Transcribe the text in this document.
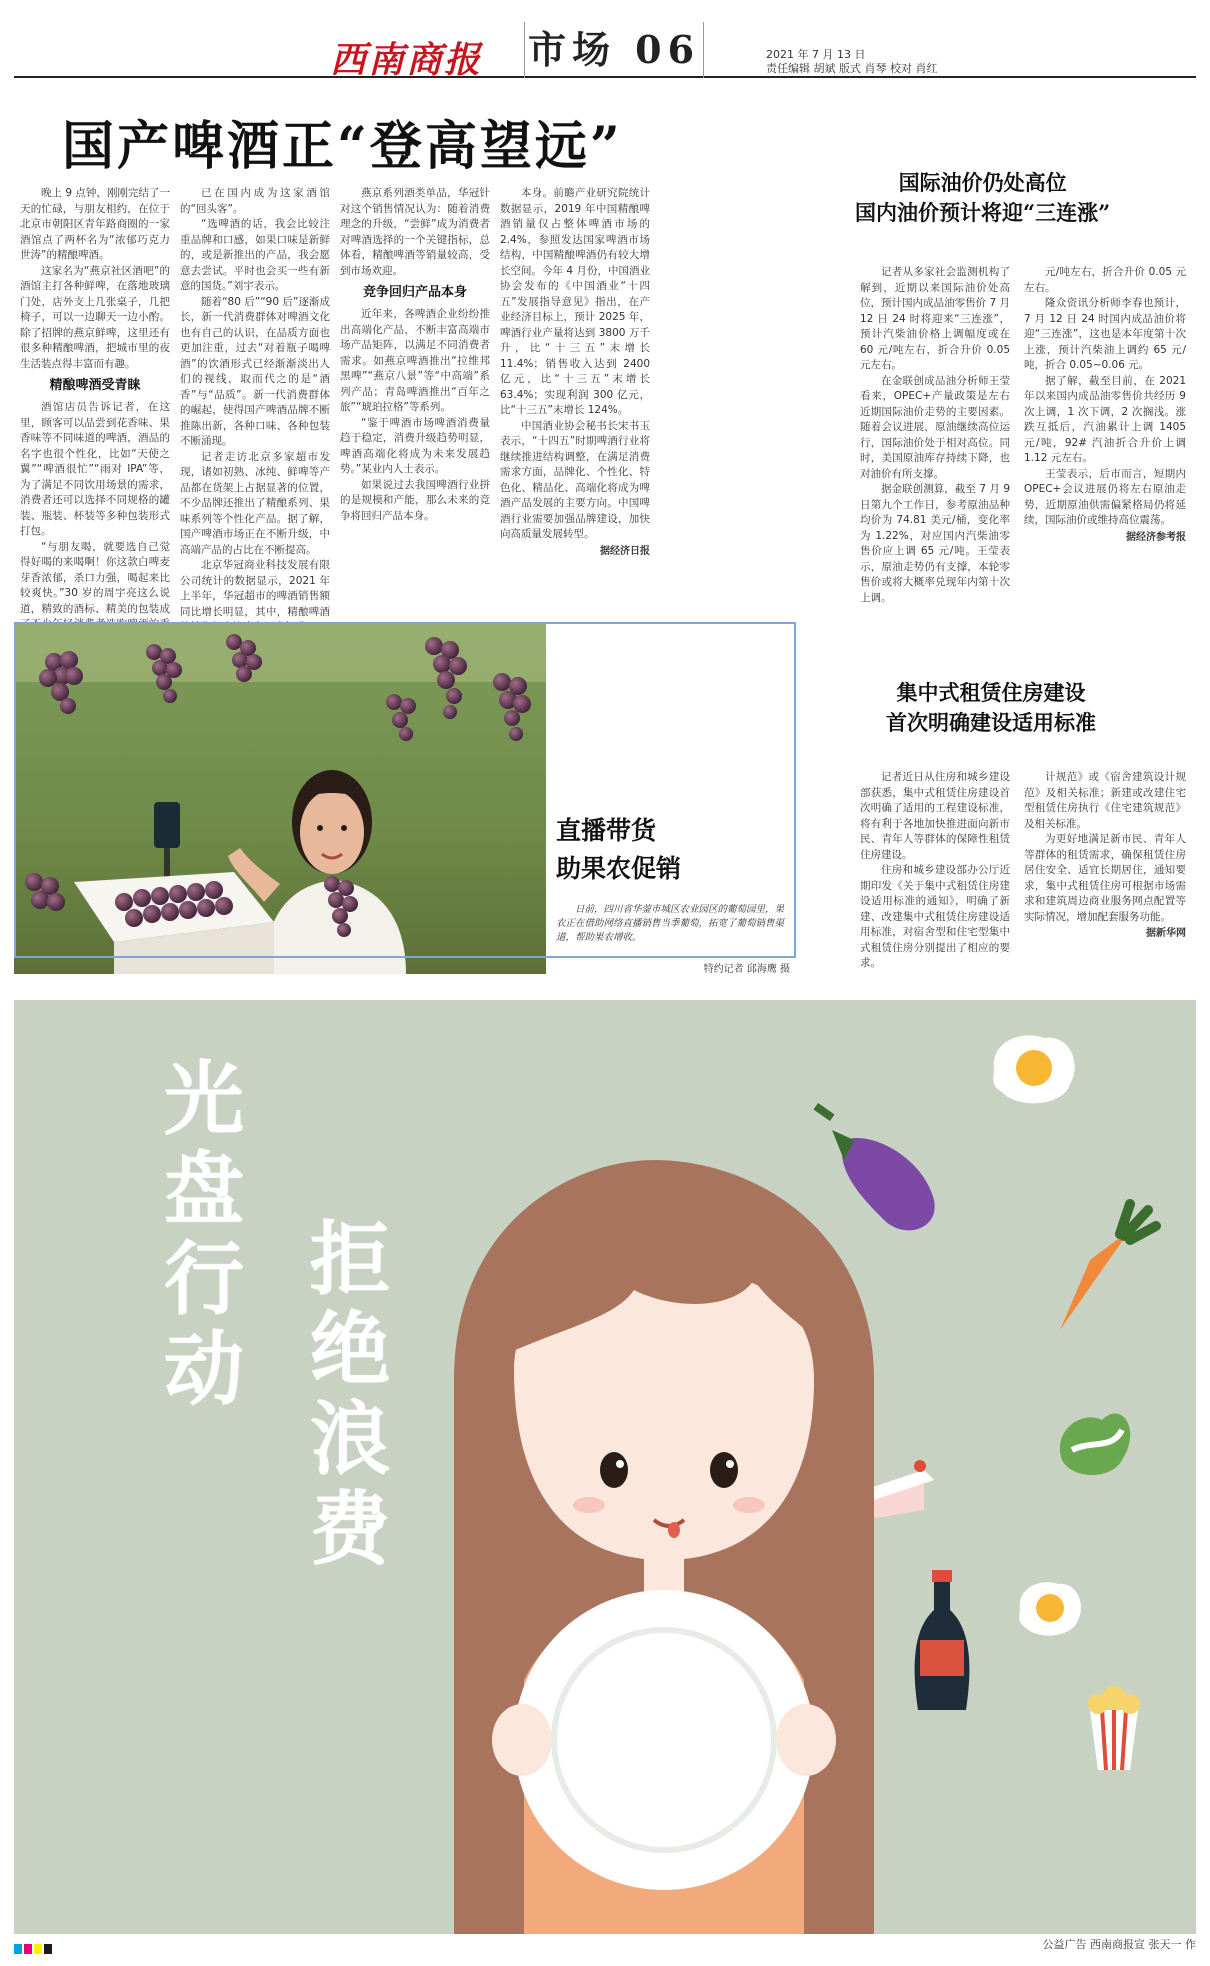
西南商报 市场 06	2021 年 7 月 13 日
责任编辑 胡斌 版式 肖琴 校对 肖红
国产啤酒正“登高望远”

晚上 9 点钟，刚刚完结了一天的忙碌，与朋友相约，在位于北京市朝阳区青年路商圈的一家酒馆点了两杯名为“浓郁巧克力世涛”的精酿啤酒。

这家名为“燕京社区酒吧”的酒馆主打各种鲜啤，在落地玻璃门处，店外支上几张桌子，几把椅子，可以一边聊天一边小酌。除了招牌的燕京鲜啤，这里还有很多种精酿啤酒，把城市里的夜生活装点得丰富而有趣。

精酿啤酒受青睐

酒馆店员告诉记者，在这里，顾客可以品尝到花香味、果香味等不同味道的啤酒，酒品的名字也很个性化，比如“天使之翼”“啤酒很忙”“雨对 IPA”等，为了满足不同饮用场景的需求，消费者还可以选择不同规格的罐装、瓶装、杯装等多种包装形式打包。

“与朋友喝，就要选自己觉得好喝的来喝啊！你这款白啤麦芽香浓郁，杀口力强，喝起来比较爽快。”30 岁的周宇亮这么说道，精致的酒标、精美的包装成

已在国内成为这家酒馆的“回头客”。

“选啤酒的话，我会比较注重品牌和口感，如果口味是新鲜的，或是新推出的产品，我会愿意去尝试。平时也会买一些有新意的国货。”刘宇表示。

随着“80 后”“90 后”逐渐成长，新一代消费群体对啤酒文化也有自己的认识，在品质方面也更加注重，过去“对着瓶子喝啤酒”的饮酒形式已经渐渐淡出人们的视线，取而代之的是“酒香”与“品质”。新一代消费群体的崛起，使得国产啤酒品牌不断推陈出新，各种口味、各种包装不断涌现。

记者走访北京多家超市发现，诸如初熟、冰纯、鲜啤等产品都在货架上占据显著的位置，不少品牌还推出了精酿系列、果味系列等个性化产品。据了解，国产啤酒市场正在不断升级，中高端产品的占比在不断提高。

北京华冠商业科技发展有限公司统计的数据显示，2021 年上半年，华冠超市的啤酒销售额同比增长明显，其中，精酿啤酒

燕京系列酒类单品，华冠针对这个销售情况认为：随着消费理念的升级，“尝鲜”成为消费者对啤酒选择的一个关键指标，总体看，精酿啤酒等销量较高，受到市场欢迎。

竞争回归产品本身

近年来，各啤酒企业纷纷推出高端化产品，不断丰富高端市场产品矩阵，以满足不同消费者需求。如燕京啤酒推出“拉维邦黑啤”“燕京八景”等“中高端”系列产品；青岛啤酒推出“百年之旅”“琥珀拉格”等系列。

“鉴于啤酒市场啤酒消费量趋于稳定，消费升级趋势明显，啤酒高端化将成为未来发展趋势。”某业内人士表示。

如果说过去我国啤酒行业拼的是规模和产能，那么未来的竞争将回归产品本身。

本身。前瞻产业研究院统计数据显示，2019 年中国精酿啤酒销量仅占整体啤酒市场的 2.4%，参照发达国家啤酒市场结构，中国精酿啤酒仍有较大增长空间。今年 4 月份，中国酒业协会发布的《中国酒业“十四五”发展指导意见》指出，在产业经济目标上，预计 2025 年，啤酒行业产量将达到 3800 万千升，比“十三五”末增长 11.4%；销售收入达到 2400 亿元，比“十三五”末增长 63.4%；实现利润 300 亿元，比“十三五”末增长 124%。

中国酒业协会秘书长宋书玉表示，“十四五”时期啤酒行业将继续推进结构调整，在满足消费需求方面，品牌化、个性化、特色化、精品化、高端化将成为啤酒产品发展的主要方向。中国啤酒行业需要加强品牌建设，加快向高质量发展转型。

据经济日报
国际油价仍处高位
国内油价预计将迎“三连涨”

记者从多家社会监测机构了解到，近期以来国际油价处高位，预计国内成品油零售价 7 月 12 日 24 时将迎来“三连涨”，预计汽柴油价格上调幅度或在 60 元/吨左右，折合升价 0.05 元左右。

在金联创成品油分析师王莹看来，OPEC+产量政策是左右近期国际油价走势的主要因素。随着会议进展，原油继续高位运行，国际油价处于相对高位。同时，美国原油库存持续下降，也对油价有所支撑。

据金联创测算，截至 7 月 9 日第九个工作日，参考原油品种均价为 74.81 美元/桶，变化率为 1.22%，对应国内汽柴油零售价应上调 65 元/吨。王莹表示，原油走势仍有支撑，本轮零售价或将大概率兑现年内第十次上调。

元/吨左右，折合升价 0.05 元左右。

隆众资讯分析师李春也预计，7 月 12 日 24 时国内成品油价将迎“三连涨”，这也是本年度第十次上涨，预计汽柴油上调约 65 元/吨，折合 0.05~0.06 元。

据了解，截至目前，在 2021 年以来国内成品油零售价共经历 9 次上调，1 次下调，2 次搁浅。涨跌互抵后，汽油累计上调 1405 元/吨，92# 汽油折合升价上调 1.12 元左右。

王莹表示，后市而言，短期内 OPEC+会议进展仍将左右原油走势，近期原油供需偏紧格局仍将延续，国际油价或维持高位震荡。

据经济参考报
集中式租赁住房建设
首次明确建设适用标准

记者近日从住房和城乡建设部获悉，集中式租赁住房建设首次明确了适用的工程建设标准，将有利于各地加快推进面向新市民、青年人等群体的保障性租赁住房建设。

住房和城乡建设部办公厅近期印发《关于集中式租赁住房建设适用标准的通知》，明确了新建、改建集中式租赁住房建设适用标准，对宿舍型和住宅型集中式租赁住房分别提出了相应的要求。

计规范》或《宿舍建筑设计规范》及相关标准；新建或改建住宅型租赁住房执行《住宅建筑规范》及相关标准。

为更好地满足新市民、青年人等群体的租赁需求，确保租赁住房居住安全、适宜长期居住，通知要求，集中式租赁住房可根据市场需求和建筑周边商业服务网点配置等实际情况，增加配套服务功能。

据新华网
直播带货
助果农促销

日前，四川省华蓥市城区农业园区的葡萄园里，果农正在借助网络直播销售当季葡萄，拓宽了葡萄销售渠道，帮助果农增收。

特约记者 邱海鹰 摄
光
盘
行
动
拒
绝
浪
费
公益广告 西南商报宣 张天一 作
